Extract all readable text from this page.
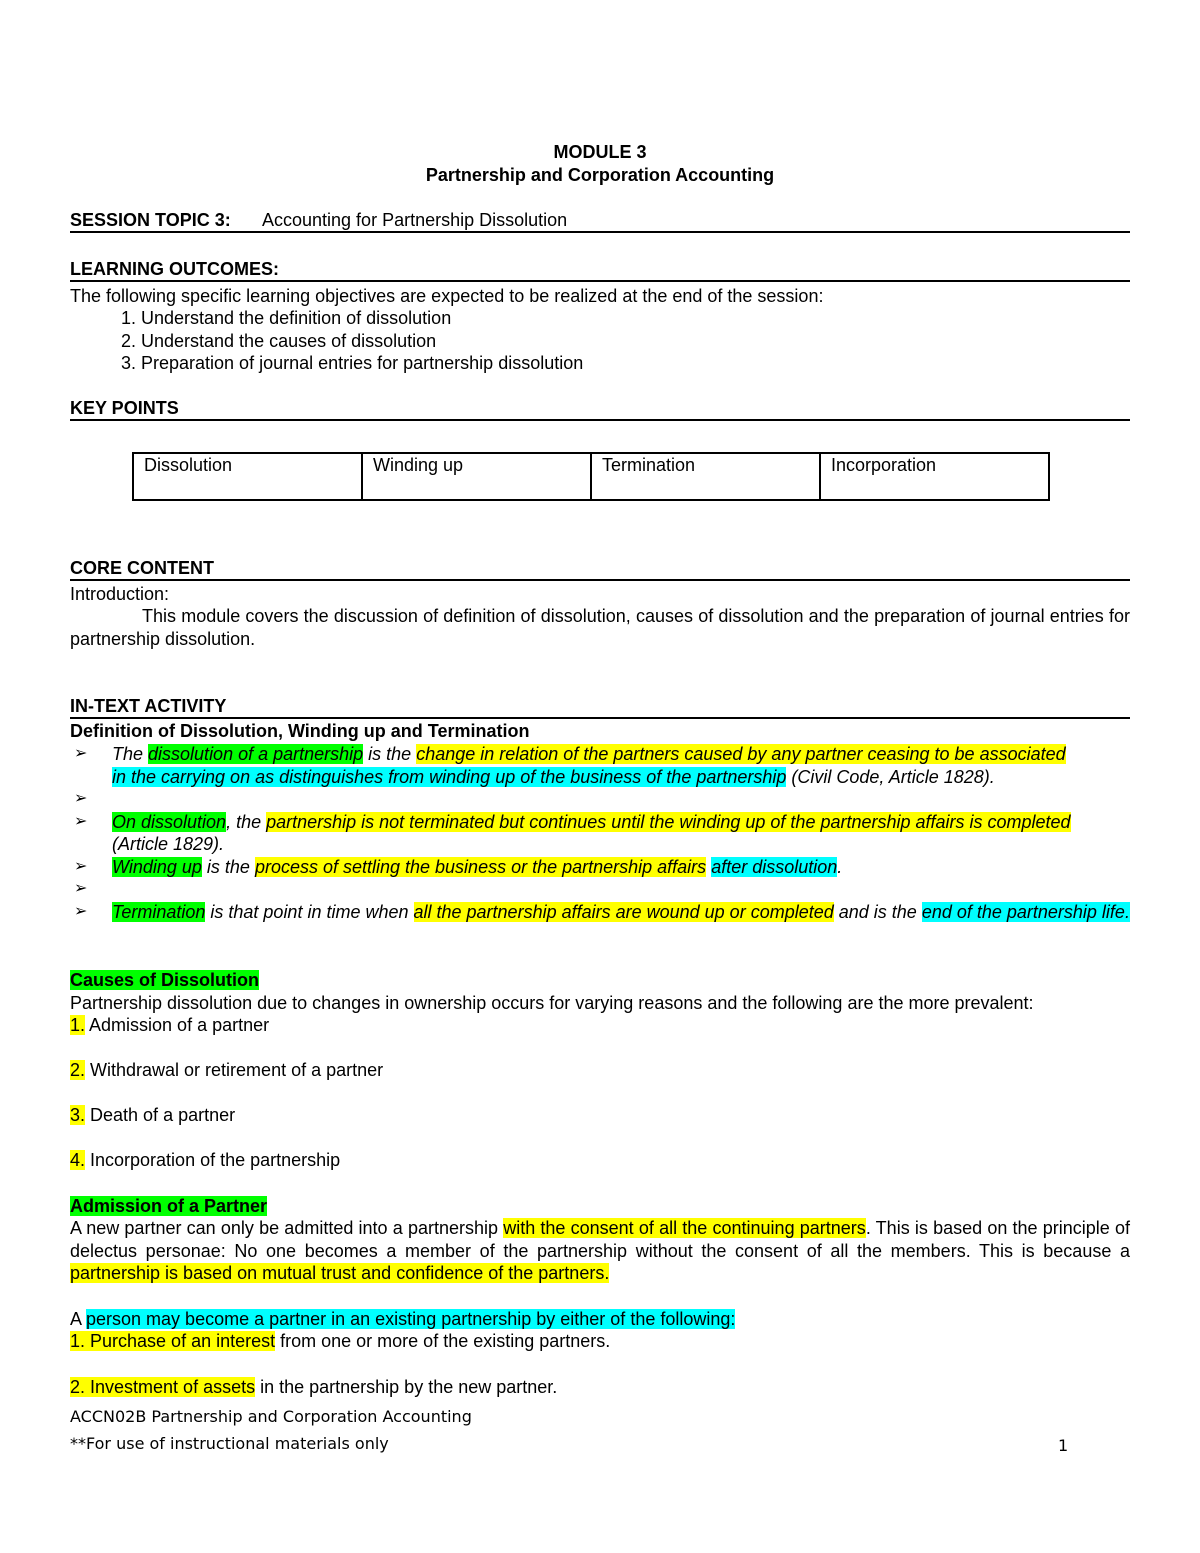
MODULE 3
Partnership and Corporation Accounting
SESSION TOPIC 3: Accounting for Partnership Dissolution
LEARNING OUTCOMES:
The following specific learning objectives are expected to be realized at the end of the session:
1. Understand the definition of dissolution
2. Understand the causes of dissolution
3. Preparation of journal entries for partnership dissolution
KEY POINTS
Dissolution	Winding up	Termination	Incorporation
CORE CONTENT
Introduction:
This module covers the discussion of definition of dissolution, causes of dissolution and the preparation of journal entries for partnership dissolution.
IN-TEXT ACTIVITY
Definition of Dissolution, Winding up and Termination
➢ The dissolution of a partnership is the change in relation of the partners caused by any partner ceasing to be associated
in the carrying on as distinguishes from winding up of the business of the partnership (Civil Code, Article 1828).
➢
➢ On dissolution, the partnership is not terminated but continues until the winding up of the partnership affairs is completed (Article 1829).
➢ Winding up is the process of settling the business or the partnership affairs after dissolution.
➢
➢ Termination is that point in time when all the partnership affairs are wound up or completed and is the end of the partnership life.
Causes of Dissolution
Partnership dissolution due to changes in ownership occurs for varying reasons and the following are the more prevalent:
1. Admission of a partner
2. Withdrawal or retirement of a partner
3. Death of a partner
4. Incorporation of the partnership
Admission of a Partner
A new partner can only be admitted into a partnership with the consent of all the continuing partners. This is based on the principle of delectus personae: No one becomes a member of the partnership without the consent of all the members. This is because a partnership is based on mutual trust and confidence of the partners.
A person may become a partner in an existing partnership by either of the following:
1. Purchase of an interest from one or more of the existing partners.
2. Investment of assets in the partnership by the new partner.
ACCN02B Partnership and Corporation Accounting
**For use of instructional materials only	1
